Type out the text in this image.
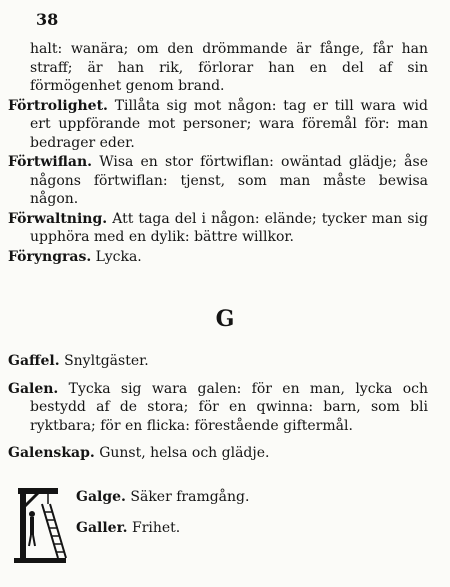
38

halt: wanära; om den drömmande är fånge, får han straff; är han rik, förlorar han en del af sin förmögenhet genom brand.

Förtrolighet. Tillåta sig mot någon: tag er till wara wid ert uppförande mot personer; wara föremål för: man bedrager eder.

Förtwiflan. Wisa en stor förtwiflan: owäntad glädje; åse någons förtwiflan: tjenst, som man måste bewisa någon.

Förwaltning. Att taga del i någon: elände; tycker man sig upphöra med en dylik: bättre willkor.

Föryngras. Lycka.

G

Gaffel. Snyltgäster.

Galen. Tycka sig wara galen: för en man, lycka och bestydd af de stora; för en qwinna: barn, som bli ryktbara; för en flicka: förestående giftermål.

Galenskap. Gunst, helsa och glädje.

Galge. Säker framgång.

Galler. Frihet.
